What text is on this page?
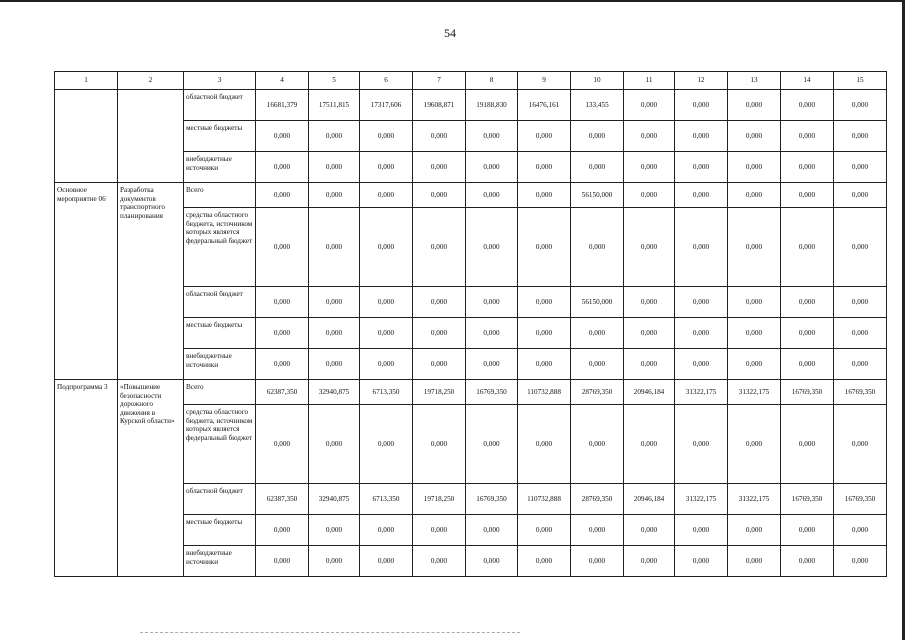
54
1	2	3	4	5	6	7	8	9	10	11	12	13	14	15
		областной бюджет	16681,379	17511,815	17317,606	19608,871	19188,830	16476,161	133,455	0,000	0,000	0,000	0,000	0,000
		местные бюджеты	0,000	0,000	0,000	0,000	0,000	0,000	0,000	0,000	0,000	0,000	0,000	0,000
		внебюджетные источники	0,000	0,000	0,000	0,000	0,000	0,000	0,000	0,000	0,000	0,000	0,000	0,000
Основное мероприятие 06	Разработка документов транспортного планирования	Всего	0,000	0,000	0,000	0,000	0,000	0,000	56150,000	0,000	0,000	0,000	0,000	0,000
		средства областного бюджета, источником которых является федеральный бюджет	0,000	0,000	0,000	0,000	0,000	0,000	0,000	0,000	0,000	0,000	0,000	0,000
		областной бюджет	0,000	0,000	0,000	0,000	0,000	0,000	56150,000	0,000	0,000	0,000	0,000	0,000
		местные бюджеты	0,000	0,000	0,000	0,000	0,000	0,000	0,000	0,000	0,000	0,000	0,000	0,000
		внебюджетные источники	0,000	0,000	0,000	0,000	0,000	0,000	0,000	0,000	0,000	0,000	0,000	0,000
Подпрограмма 3	«Повышение безопасности дорожного движения в Курской области»	Всего	62387,350	32940,875	6713,350	19718,250	16769,350	110732,888	28769,350	20946,184	31322,175	31322,175	16769,350	16769,350
		средства областного бюджета, источником которых является федеральный бюджет	0,000	0,000	0,000	0,000	0,000	0,000	0,000	0,000	0,000	0,000	0,000	0,000
		областной бюджет	62387,350	32940,875	6713,350	19718,250	16769,350	110732,888	28769,350	20946,184	31322,175	31322,175	16769,350	16769,350
		местные бюджеты	0,000	0,000	0,000	0,000	0,000	0,000	0,000	0,000	0,000	0,000	0,000	0,000
		внебюджетные источники	0,000	0,000	0,000	0,000	0,000	0,000	0,000	0,000	0,000	0,000	0,000	0,000
